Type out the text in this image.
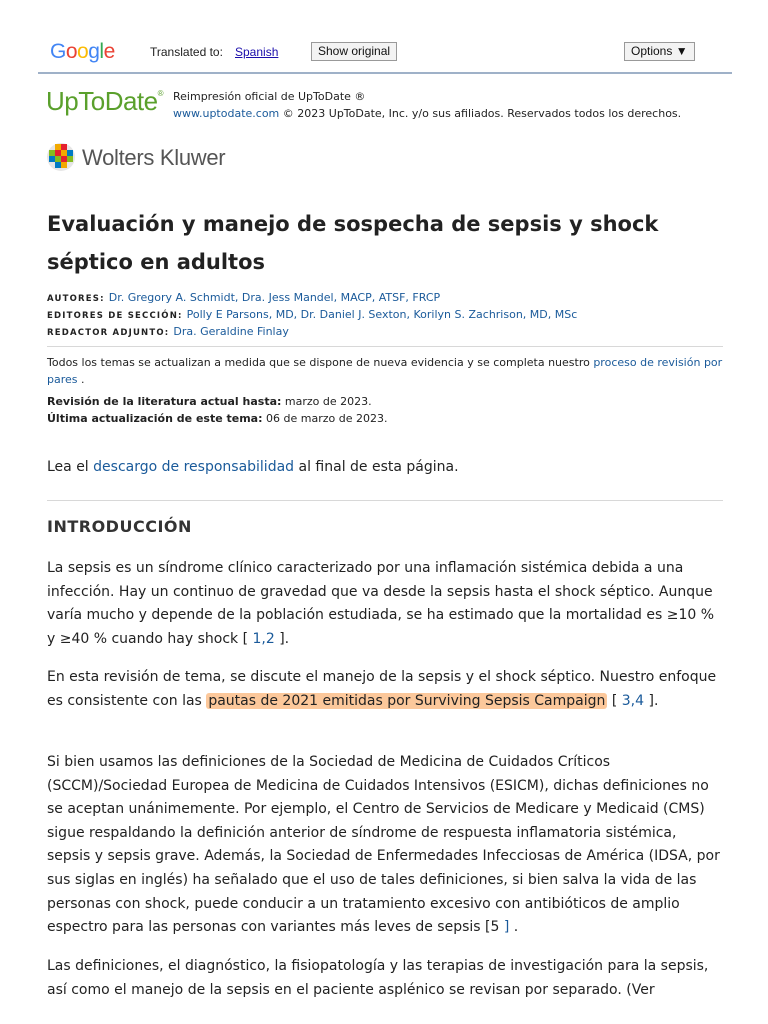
Google	Translated to: Spanish	Show original	Options ▼
UpToDate® Reimpresión oficial de UpToDate ®
www.uptodate.com © 2023 UpToDate, Inc. y/o sus afiliados. Reservados todos los derechos.
Wolters Kluwer
Evaluación y manejo de sospecha de sepsis y shock séptico en adultos
AUTORES: Dr. Gregory A. Schmidt, Dra. Jess Mandel, MACP, ATSF, FRCP
EDITORES DE SECCIÓN: Polly E Parsons, MD, Dr. Daniel J. Sexton, Korilyn S. Zachrison, MD, MSc
REDACTOR ADJUNTO: Dra. Geraldine Finlay
Todos los temas se actualizan a medida que se dispone de nueva evidencia y se completa nuestro proceso de revisión por pares .
Revisión de la literatura actual hasta: marzo de 2023.
Última actualización de este tema: 06 de marzo de 2023.
Lea el descargo de responsabilidad al final de esta página.
INTRODUCCIÓN

La sepsis es un síndrome clínico caracterizado por una inflamación sistémica debida a una infección. Hay un continuo de gravedad que va desde la sepsis hasta el shock séptico. Aunque varía mucho y depende de la población estudiada, se ha estimado que la mortalidad es ≥10 % y ≥40 % cuando hay shock [ 1,2 ].

En esta revisión de tema, se discute el manejo de la sepsis y el shock séptico. Nuestro enfoque es consistente con las pautas de 2021 emitidas por Surviving Sepsis Campaign [ 3,4 ].

Si bien usamos las definiciones de la Sociedad de Medicina de Cuidados Críticos (SCCM)/Sociedad Europea de Medicina de Cuidados Intensivos (ESICM), dichas definiciones no se aceptan unánimemente. Por ejemplo, el Centro de Servicios de Medicare y Medicaid (CMS) sigue respaldando la definición anterior de síndrome de respuesta inflamatoria sistémica, sepsis y sepsis grave. Además, la Sociedad de Enfermedades Infecciosas de América (IDSA, por sus siglas en inglés) ha señalado que el uso de tales definiciones, si bien salva la vida de las personas con shock, puede conducir a un tratamiento excesivo con antibióticos de amplio espectro para las personas con variantes más leves de sepsis [5 ] .

Las definiciones, el diagnóstico, la fisiopatología y las terapias de investigación para la sepsis, así como el manejo de la sepsis en el paciente asplénico se revisan por separado. (Ver
